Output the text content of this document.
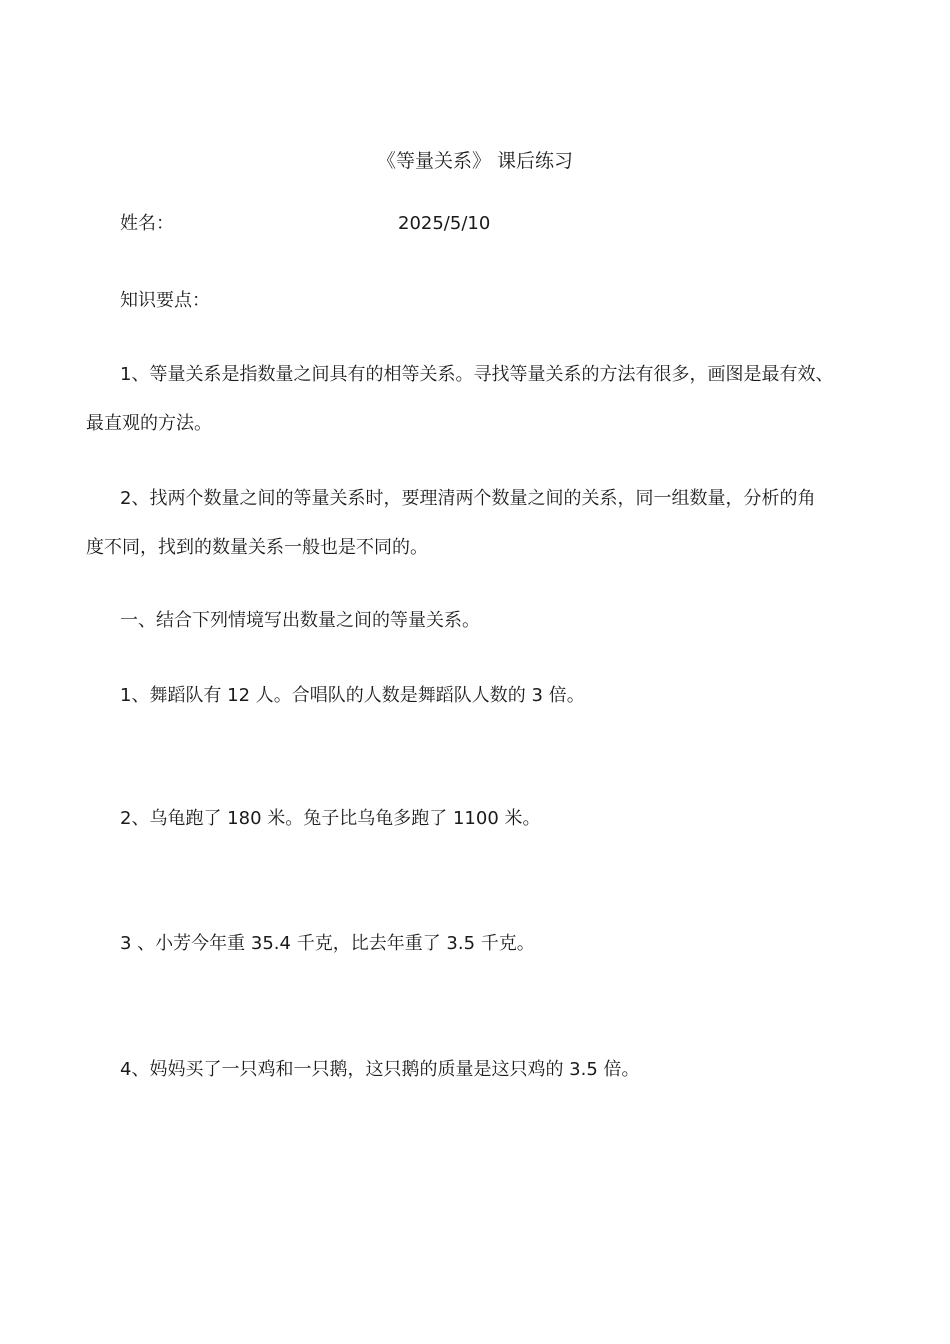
《等量关系》 课后练习
姓名：	2025/5/10
知识要点：
1、等量关系是指数量之间具有的相等关系。寻找等量关系的方法有很多，画图是最有效、
最直观的方法。
2、找两个数量之间的等量关系时，要理清两个数量之间的关系，同一组数量，分析的角
度不同，找到的数量关系一般也是不同的。
一、结合下列情境写出数量之间的等量关系。
1、舞蹈队有 12 人。合唱队的人数是舞蹈队人数的 3 倍。
2、乌龟跑了 180 米。兔子比乌龟多跑了 1100 米。
3 、小芳今年重 35.4 千克，比去年重了 3.5 千克。
4、妈妈买了一只鸡和一只鹅，这只鹅的质量是这只鸡的 3.5 倍。
